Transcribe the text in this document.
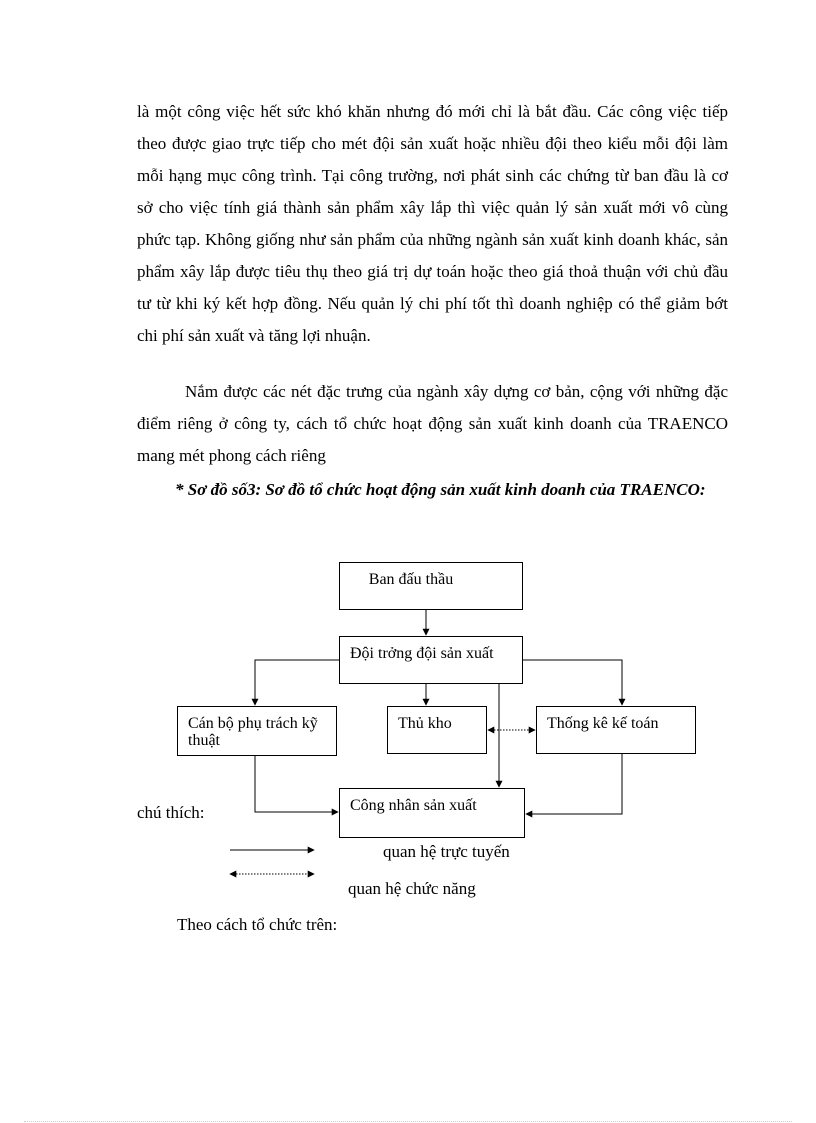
là một công việc hết sức khó khăn nhưng đó mới chỉ là bắt đầu. Các công việc tiếp theo được giao trực tiếp cho mét đội sản xuất hoặc nhiều đội theo kiểu mỗi đội làm mỗi hạng mục công trình. Tại công trường, nơi phát sinh các chứng từ ban đầu là cơ sở cho việc tính giá thành sản phẩm xây lắp thì việc quản lý sản xuất mới vô cùng phức tạp. Không giống như sản phẩm của những ngành sản xuất kinh doanh khác, sản phẩm xây lắp được tiêu thụ theo giá trị dự toán hoặc theo giá thoả thuận với chủ đầu tư từ khi ký kết hợp đồng. Nếu quản lý chi phí tốt thì doanh nghiệp có thể giảm bớt chi phí sản xuất và tăng lợi nhuận.

Nắm được các nét đặc trưng của ngành xây dựng cơ bản, cộng với những đặc điểm riêng ở công ty, cách tổ chức hoạt động sản xuất kinh doanh của TRAENCO mang mét phong cách riêng

* Sơ đồ số3: Sơ đồ tổ chức hoạt động sản xuất kinh doanh của TRAENCO:

Ban đấu thầu
Đội trởng đội sản xuất
Cán bộ phụ trách kỹ thuật
Thủ kho	Thống kê kế toán
Công nhân sản xuất
chú thích:
quan hệ trực tuyến
quan hệ chức năng
Theo cách tổ chức trên:
